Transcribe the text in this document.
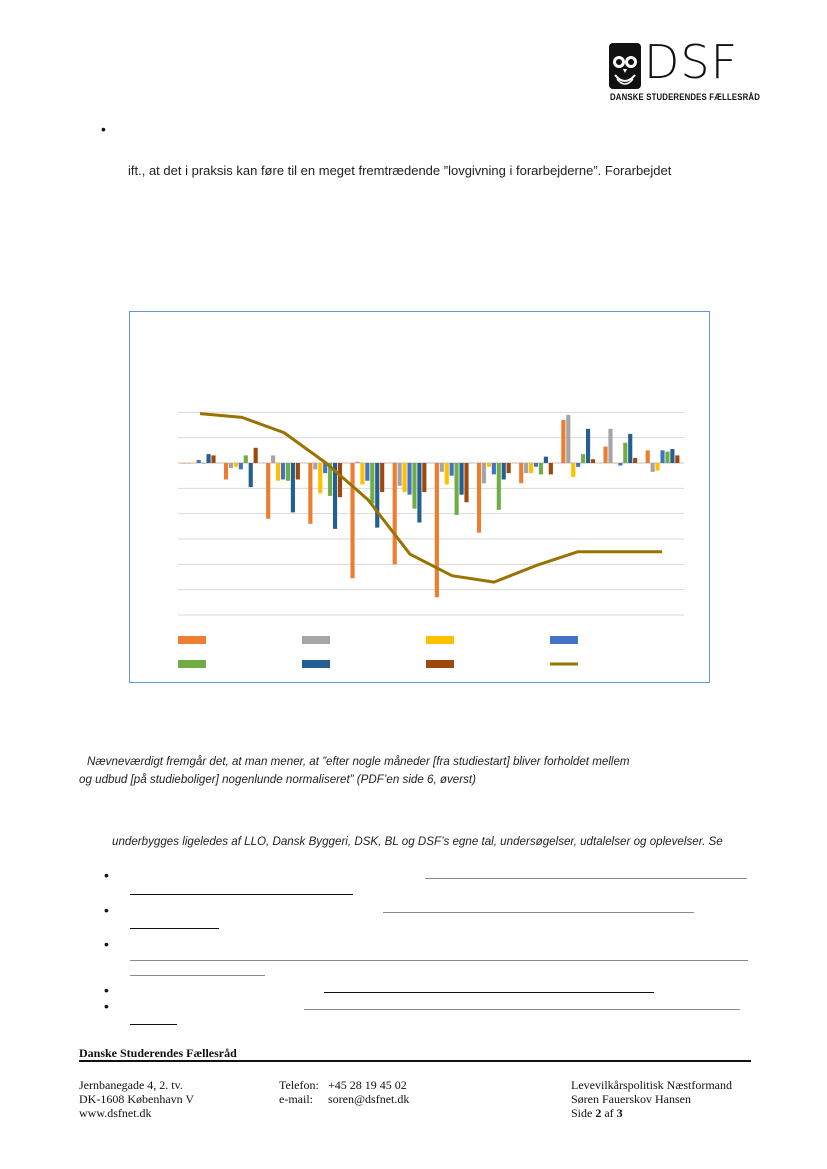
DSF
DANSKE STUDERENDES FÆLLESRÅD
•
ift., at det i praksis kan føre til en meget fremtrædende ”lovgivning i forarbejderne”. Forarbejdet
Nævneværdigt fremgår det, at man mener, at ”efter nogle måneder [fra studiestart] bliver forholdet mellem
og udbud [på studieboliger] nogenlunde normaliseret” (PDF’en side 6, øverst)
underbygges ligeledes af LLO, Dansk Byggeri, DSK, BL og DSF’s egne tal, undersøgelser, udtalelser og oplevelser. Se
•
•
•
•
•
Danske Studerendes Fællesråd
Jernbanegade 4, 2. tv.
DK-1608 København V
www.dsfnet.dk
Telefon: +45 28 19 45 02
e-mail: soren@dsfnet.dk
Levevilkårspolitisk Næstformand
Søren Fauerskov Hansen
Side 2 af 3
